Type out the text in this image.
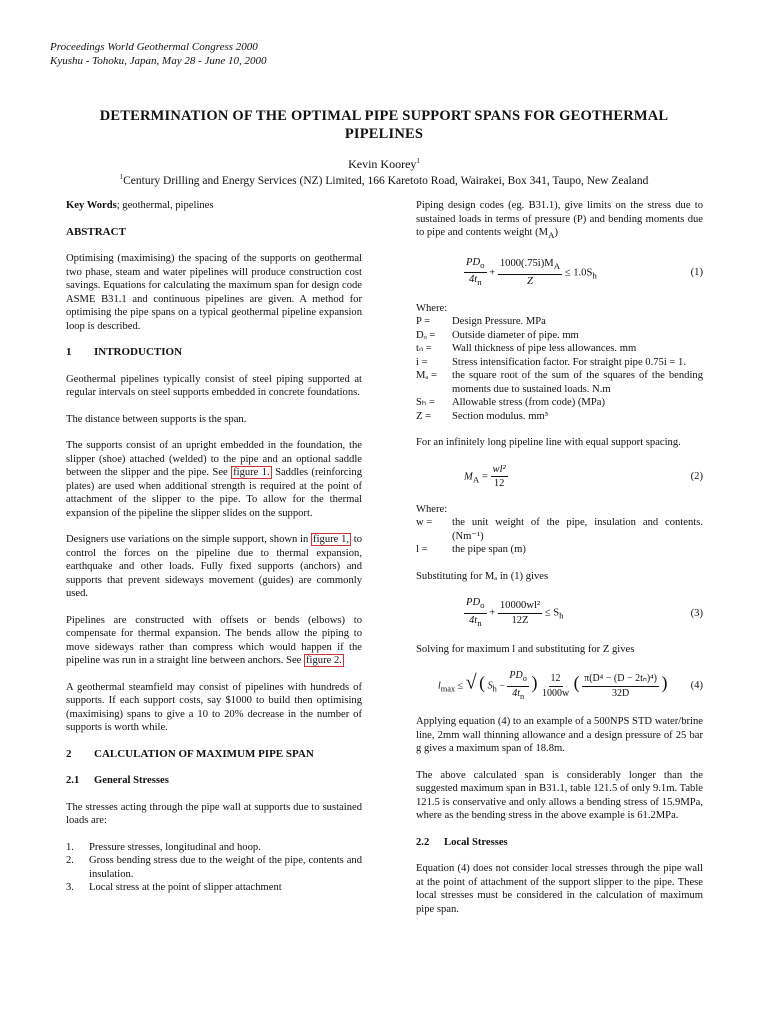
Proceedings World Geothermal Congress 2000
Kyushu - Tohoku, Japan, May 28 - June 10, 2000
DETERMINATION OF THE OPTIMAL PIPE SUPPORT SPANS FOR GEOTHERMAL PIPELINES
Kevin Koorey$^1$
$^1$Century Drilling and Energy Services (NZ) Limited, 166 Karetoto Road, Wairakei, Box 341, Taupo, New Zealand

Key Words; geothermal, pipelines

ABSTRACT

Optimising (maximising) the spacing of the supports on geothermal two phase, steam and water pipelines will produce construction cost savings. Equations for calculating the maximum span for design code ASME B31.1 and continuous pipelines are given. A method for optimising the pipe spans on a typical geothermal pipeline expansion loop is described.

1 INTRODUCTION

Geothermal pipelines typically consist of steel piping supported at regular intervals on steel supports embedded in concrete foundations.

The distance between supports is the span.

The supports consist of an upright embedded in the foundation, the slipper (shoe) attached (welded) to the pipe and an optional saddle between the slipper and the pipe. See figure 1. Saddles (reinforcing plates) are used when additional strength is required at the point of attachment of the slipper to the pipe. To allow for the thermal expansion of the pipeline the slipper slides on the support.

Designers use variations on the simple support, shown in figure 1, to control the forces on the pipeline due to thermal expansion, earthquake and other loads. Fully fixed supports (anchors) and supports that prevent sideways movement (guides) are commonly used.

Pipelines are constructed with offsets or bends (elbows) to compensate for thermal expansion. The bends allow the piping to move sideways rather than compress which would happen if the pipeline was run in a straight line between anchors. See figure 2.

A geothermal steamfield may consist of pipelines with hundreds of supports. If each support costs, say $1000 to build then optimising (maximising) spans to give a 10 to 20% decrease in the number of supports is worth while.

2 CALCULATION OF MAXIMUM PIPE SPAN
2.1 General Stresses

The stresses acting through the pipe wall at supports due to sustained loads are:

1.	Pressure stresses, longitudinal and hoop.
2.	Gross bending stress due to the weight of the pipe, contents and insulation.
3.	Local stress at the point of slipper attachment

Piping design codes (eg. B31.1), give limits on the stress due to sustained loads in terms of pressure (P) and bending moments due to pipe and contents weight $(M_A)$

$\frac{PD_o}{4t_n} + \frac{1000(.75i)M_A}{Z} \le 1.0S_h$	(1)
Where:
P =	Design Pressure. MPa
Dₒ =	Outside diameter of pipe. mm
tₙ =	Wall thickness of pipe less allowances. mm
i =	Stress intensification factor. For straight pipe 0.75i = 1.
Mₐ =	the square root of the sum of the squares of the bending moments due to sustained loads. N.m
Sₕ =	Allowable stress (from code) (MPa)
Z =	Section modulus. mm³

For an infinitely long pipeline line with equal support spacing.

$M_A = \frac{\text{wl²}}{12}$	(2)
Where:
w =	the unit weight of the pipe, insulation and contents. (Nm⁻¹)
l =	the pipe span (m)

Substituting for Mₐ in (1) gives

$\frac{PD_o}{4t_n} + \frac{\text{10000wl²}}{12Z} \le S_h$	(3)

Solving for maximum l and substituting for Z gives

$l_{max}$ ≤ √ ( $S_h - \frac{PD_o}{4t_n}$ ) $\frac{12}{1000w}$ ( $\frac{\text{π(D⁴ − (D − 2tₙ)⁴)}}{32D}$ )	(4)

Applying equation (4) to an example of a 500NPS STD water/brine line, 2mm wall thinning allowance and a design pressure of 25 bar g gives a maximum span of 18.8m.

The above calculated span is considerably longer than the suggested maximum span in B31.1, table 121.5 of only 9.1m. Table 121.5 is conservative and only allows a bending stress of 15.9MPa, where as the bending stress in the above example is 61.2MPa.

2.2 Local Stresses

Equation (4) does not consider local stresses through the pipe wall at the point of attachment of the support slipper to the pipe. These local stresses must be considered in the calculation of maximum pipe span.
